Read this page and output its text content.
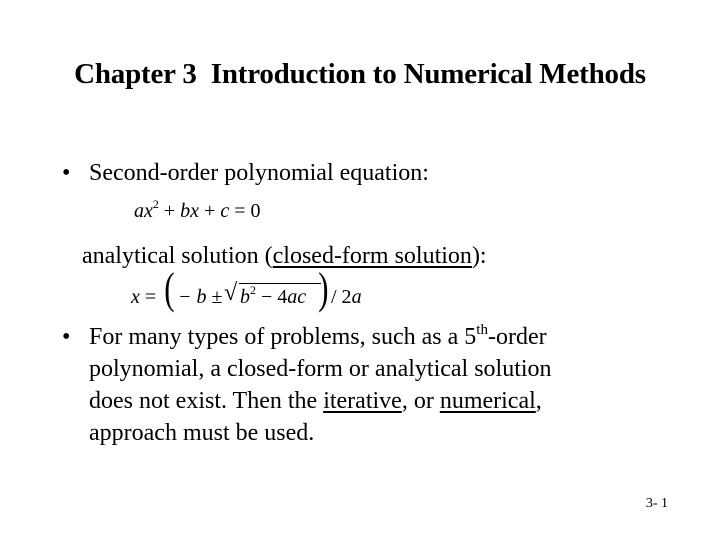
Chapter 3  Introduction to Numerical Methods
• Second-order polynomial equation:
$ax^2$ + bx + c = 0
analytical solution (closed-form solution):
x = ( − b ± √ $b^2 - 4ac$ ) / 2a
• For many types of problems, such as a 5th-order
polynomial, a closed-form or analytical solution
does not exist. Then the iterative, or numerical,
approach must be used.
3- 1
